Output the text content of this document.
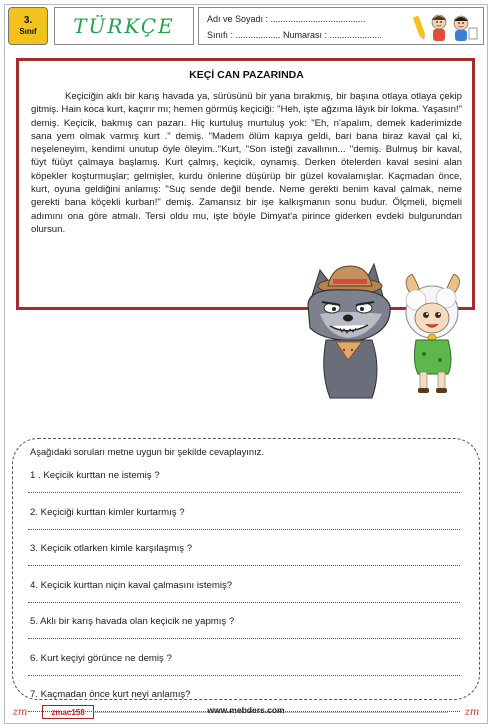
3.
Sınıf TÜRKÇE	Adı ve Soyadı : ......................................
Sınıfı : .................. Numarası : .....................
KEÇİ CAN PAZARINDA

Keçiciğin aklı bir karış havada ya, sürüsünü bir yana bırakmış, bir başına otlaya otlaya çekip gitmiş. Hain koca kurt, kaçırır mı; hemen görmüş keçiciği: "Heh, işte ağzıma lâyık bir lokma. Yaşasın!" demiş. Keçicik, bakmış can pazarı. Hiç kurtuluş murtuluş yok: "Eh, n'apalım, demek kaderimizde sana yem olmak varmış kurt ." demiş. "Madem ölüm kapıya geldi, bari bana biraz kaval çal ki, neşeleneyim, kendimi unutup öyle öleyim.."Kurt, "Son isteği zavallının... "demiş. Bulmuş bir kaval, füyt füüyt çalmaya başlamış. Kurt çalmış, keçicik, oynamış. Derken ötelerden kaval sesini alan köpekler koşturmuşlar; gelmişler, kurdu önlerine düşürüp bir güzel kovalamışlar. Kaçmadan önce, kurt, oyuna geldiğini anlamış: "Suç sende değil bende. Neme gerekti benim kaval çalmak, neme gerekti bana köçekli kurban!" demiş. Zamansız bir işe kalkışmanın sonu budur. Ölçmeli, biçmeli adımını ona göre atmalı. Tersi oldu mu, işte böyle Dimyat'a pirince giderken evdeki bulgurundan olursun.

Aşağıdaki soruları metne uygun bir şekilde cevaplayınız.
1 . Keçicik kurttan ne istemiş ?
2. Keçiciği kurttan kimler kurtarmış ?
3. Keçicik otlarken kimle karşılaşmış ?
4. Keçicik kurttan niçin kaval çalmasını istemiş?
5. Aklı bir karış havada olan keçicik ne yapmış ?
6. Kurt keçiyi görünce ne demiş ?
zm	zmac158	www.mebders.com	zm
7. Kaçmadan önce kurt neyi anlamış?
